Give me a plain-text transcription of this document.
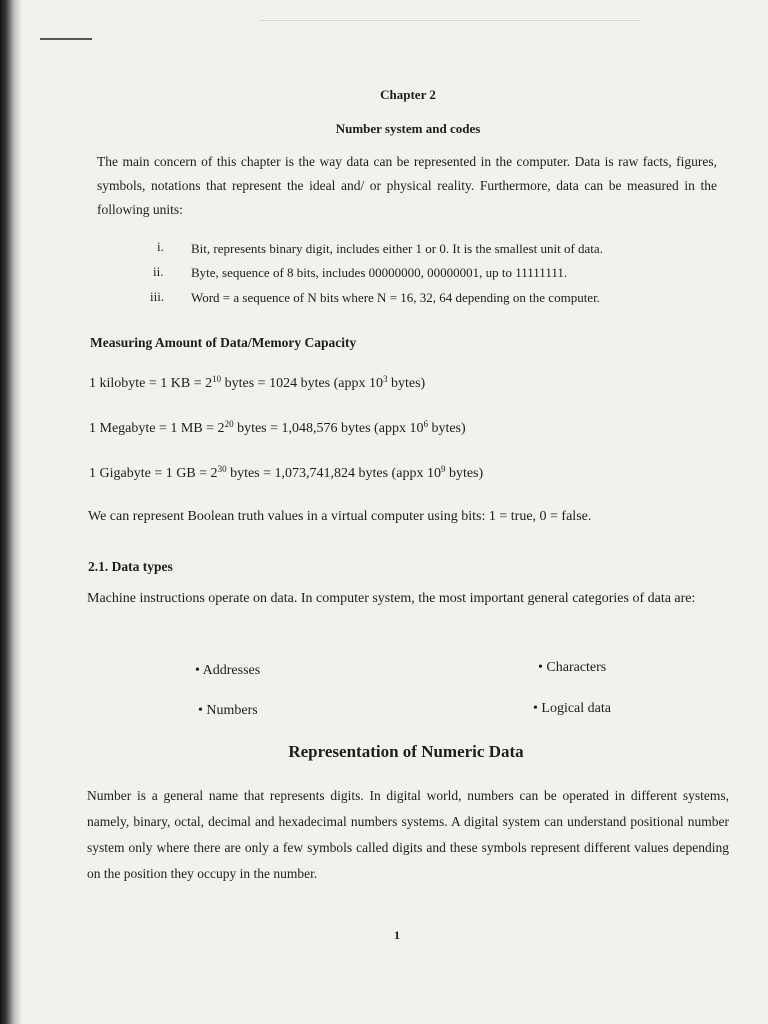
Chapter 2
Number system and codes
The main concern of this chapter is the way data can be represented in the computer. Data is raw facts, figures, symbols, notations that represent the ideal and/ or physical reality. Furthermore, data can be measured in the following units:
i. Bit, represents binary digit, includes either 1 or 0. It is the smallest unit of data.
ii. Byte, sequence of 8 bits, includes 00000000, 00000001, up to 11111111.
iii. Word = a sequence of N bits where N = 16, 32, 64 depending on the computer.
Measuring Amount of Data/Memory Capacity
1 kilobyte = 1 KB = $2^{10}$ bytes = 1024 bytes (appx $10^3$ bytes)
1 Megabyte = 1 MB = $2^{20}$ bytes = 1,048,576 bytes (appx $10^6$ bytes)
1 Gigabyte = 1 GB = $2^{30}$ bytes = 1,073,741,824 bytes (appx $10^9$ bytes)
We can represent Boolean truth values in a virtual computer using bits: 1 = true, 0 = false.
2.1. Data types
Machine instructions operate on data. In computer system, the most important general categories of data are:
• Addresses	• Characters
• Numbers	• Logical data
Representation of Numeric Data
Number is a general name that represents digits. In digital world, numbers can be operated in different systems, namely, binary, octal, decimal and hexadecimal numbers systems. A digital system can understand positional number system only where there are only a few symbols called digits and these symbols represent different values depending on the position they occupy in the number.
1
